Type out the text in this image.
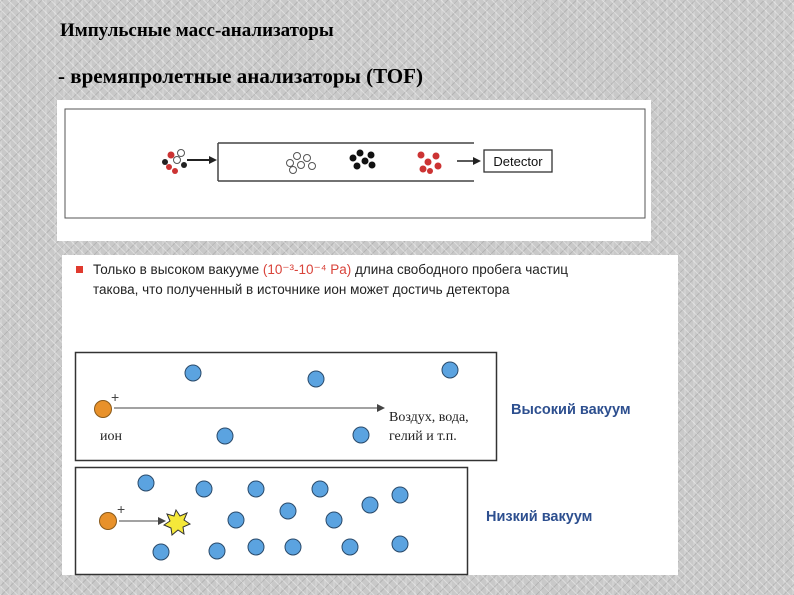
Импульсные масс-анализаторы
- времяпролетные анализаторы (TOF)
Detector
Только в высоком вакууме (10⁻³-10⁻⁴ Pa) длина свободного пробега частиц
такова, что полученный в источнике ион может достичь детектора
+
+
ион
Воздух, вода,
гелий и т.п.
Высокий вакуум
Низкий вакуум
